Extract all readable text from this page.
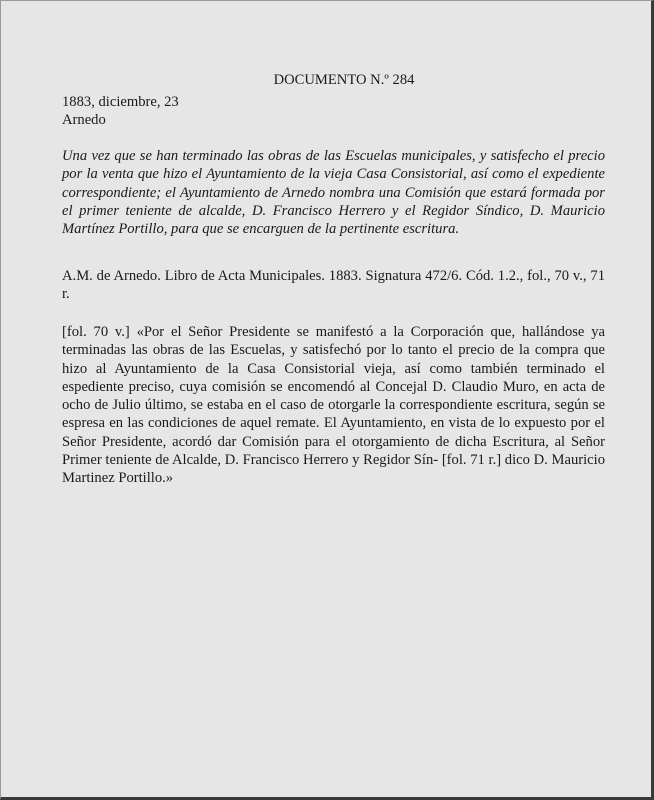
DOCUMENTO N.º 284
1883, diciembre, 23
Arnedo

Una vez que se han terminado las obras de las Escuelas municipales, y satisfecho el precio por la venta que hizo el Ayuntamiento de la vieja Casa Consistorial, así como el expediente correspondiente; el Ayuntamiento de Arnedo nombra una Comisión que estará formada por el primer teniente de alcalde, D. Francisco Herrero y el Regidor Síndico, D. Mauricio Martínez Portillo, para que se encarguen de la pertinente escritura.

A.M. de Arnedo. Libro de Acta Municipales. 1883. Signatura 472/6. Cód. 1.2., fol., 70 v., 71 r.

[fol. 70 v.] «Por el Señor Presidente se manifestó a la Corporación que, hallándose ya terminadas las obras de las Escuelas, y satisfechó por lo tanto el precio de la compra que hizo al Ayuntamiento de la Casa Consistorial vieja, así como también terminado el espediente preciso, cuya comisión se encomendó al Concejal D. Claudio Muro, en acta de ocho de Julio último, se estaba en el caso de otorgarle la correspondiente escritura, según se espresa en las condiciones de aquel remate. El Ayuntamiento, en vista de lo expuesto por el Señor Presidente, acordó dar Comisión para el otorgamiento de dicha Escritura, al Señor Primer teniente de Alcalde, D. Francisco Herrero y Regidor Sín- [fol. 71 r.] dico D. Mauricio Martinez Portillo.»
